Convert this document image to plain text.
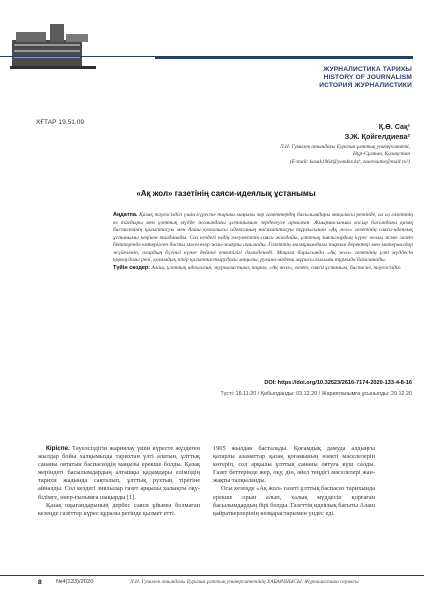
ЖУРНАЛИСТИКА ТАРИХЫ
HISTORY OF JOURNALISM
ИСТОРИЯ ЖУРНАЛИСТИКИ
ХҒТАР 19.51.09	Қ.Ө. Сақ¹
З.Ж. Қойгелдиева²
Л.Н. Гумилев атындағы Еуразия ұлттық университеті,
Нұр-Сұлтан, Қазақстан
(E-mail: kasak1964@yandex.kz¹, zauresume@mail.ru²)
«Ақ жол» газетінің саяси-идеялық ұстанымы
Аңдатпа. Қазақ тәуелсіздігі үшін күресте тарихи маңызы зор газеттердің басылымдары мақаласы ретінде, ал ол газеттің ел тағдыры мен ұлттық мүдде жолындағы ұстанымын зерделеуге арналған. Жиырмасыншы ғасыр басындағы қазақ баспасөзінің қалыптасуы мен Алаш қозғалысы идеясының насихатталуы тұрғысынан «Ақ жол» газетінің саяси-идеялық ұстанымы кеңінен талданады. Сол кездегі елдің әлеуметтік-саяси жағдайы, ұлттық зиялылардың күрес жолы және газет беттерінде көтерілген басты мәселелер жан-жақты ашылады. Газеттің мазмұнындағы тарихи деректер мен материалдар жүйеленіп, олардың бүгінгі күнге дейінгі өзектілігі дәлелденеді. Мақала барысында «Ақ жол» газетінің ұлт мүддесін қорғаудағы рөлі, қоғамдық пікір қалыптастырудағы маңызы, рухани-мәдени мұрасы ғылыми тұрғыда бағаланады.
Түйін сөздер: Алаш, ұлттық идеология, журналистика, тарих, «Ақ жол», газет, саяси ұстаным, баспасөз, тәуелсіздік.
DOI: https://doi.org/10.32523/2616-7174-2020-133-4-8-16
Түсті: 16.11.20 / Қабылданды: 03.12.20 / Жарияланымға ұсынылды: 20.12.20

Кіріспе. Тәуелсіздігін жариялау үшін күресте жүздеген жылдар бойы халқымызда тарихтан үлгі алатын, ұлттық сананы оятатын баспасөздің маңызы ерекше болды. Қазақ жеріндегі басылымдардың алғашқы қадамдары еліміздің тарихи жадында сақталып, ұлттық рухтың тірегіне айналды. Сол кездегі зиялылар газет арқылы халықты оқу-білімге, өнер-ғылымға шақырды [1].

Қазақ оқығандарының дербес саяси ұйымы болмаған кезеңде газеттер күрес құралы ретінде қызмет етті.

1905 жылдан басталады. Қоғамдық дамуда алдыңғы қатарлы азаматтар қазақ қоғамының өзекті мәселелерін көтеріп, сол арқылы ұлттық сананы оятуға күш салды. Газет беттерінде жер, оқу, дін, әйел теңдігі мәселелері жан-жақты талқыланды.

Осы кезеңде «Ақ жол» газеті ұлттық баспасөз тарихында ерекше орын алып, халық мүддесін қорғаған басылымдардың бірі болды. Газеттің идеялық бағыты Алаш қайраткерлерінің көзқарастарымен үндес еді.

8 №4(133)/2020	Л.Н. Гумилев атындағы Еуразия ұлттық университетінің ХАБАРШЫСЫ. Журналистика сериясы
